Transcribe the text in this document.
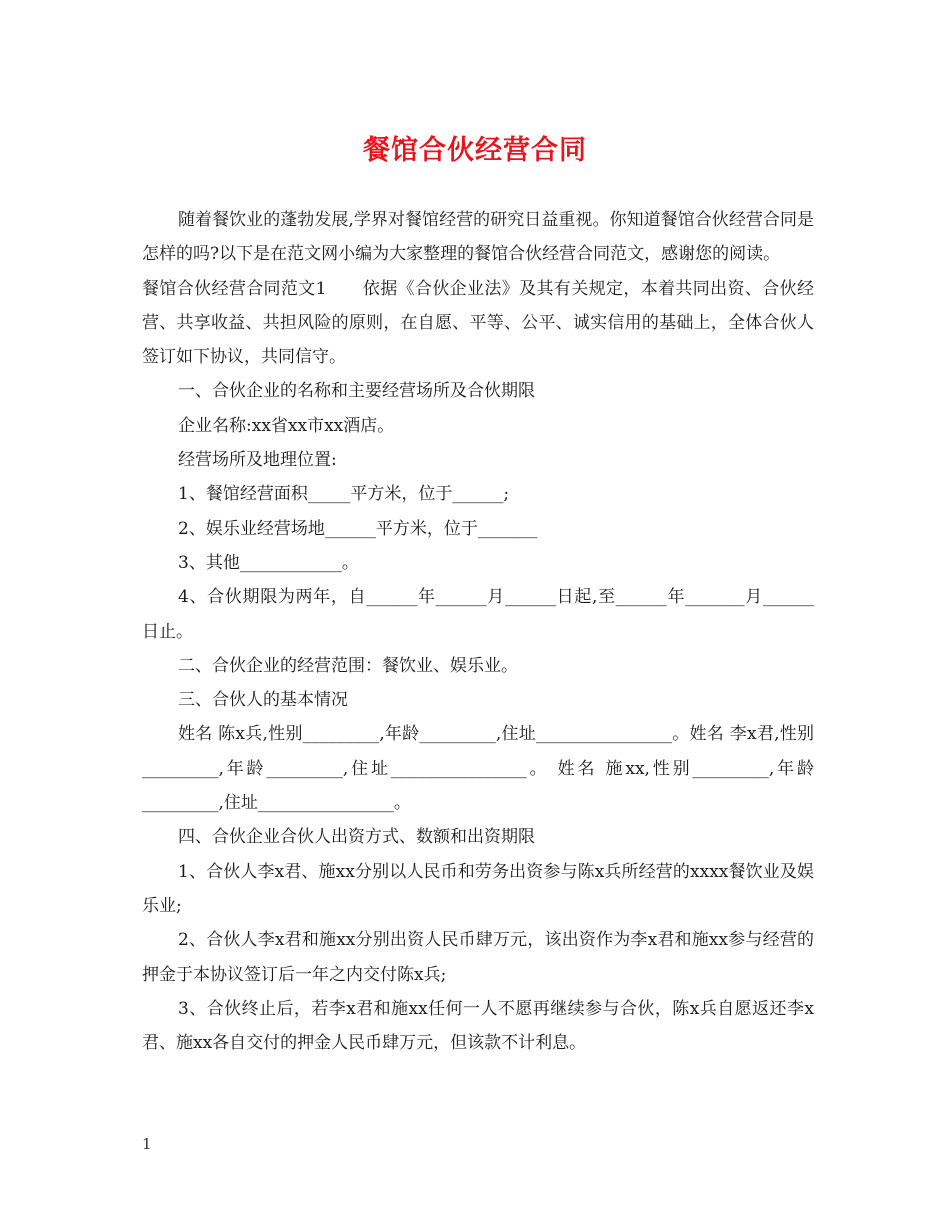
餐馆合伙经营合同

随着餐饮业的蓬勃发展,学界对餐馆经营的研究日益重视。你知道餐馆合伙经营合同是怎样的吗?以下是在范文网小编为大家整理的餐馆合伙经营合同范文，感谢您的阅读。

餐馆合伙经营合同范文1 依据《合伙企业法》及其有关规定，本着共同出资、合伙经营、共享收益、共担风险的原则，在自愿、平等、公平、诚实信用的基础上，全体合伙人签订如下协议，共同信守。

一、合伙企业的名称和主要经营场所及合伙期限

企业名称:xx省xx市xx酒店。

经营场所及地理位置:

1、餐馆经营面积_____平方米，位于______;

2、娱乐业经营场地______平方米，位于_______

3、其他____________。

4、合伙期限为两年，自______年______月______日起,至______年_______月______日止。

二、合伙企业的经营范围：餐饮业、娱乐业。

三、合伙人的基本情况

姓名 陈x兵,性别_________,年龄_________,住址________________。姓名 李x君,性别_________,年龄_________,住址________________。 姓名 施xx,性别_________,年龄_________,住址________________。

四、合伙企业合伙人出资方式、数额和出资期限

1、合伙人李x君、施xx分别以人民币和劳务出资参与陈x兵所经营的xxxx餐饮业及娱乐业;

2、合伙人李x君和施xx分别出资人民币肆万元，该出资作为李x君和施xx参与经营的押金于本协议签订后一年之内交付陈x兵;

3、合伙终止后，若李x君和施xx任何一人不愿再继续参与合伙，陈x兵自愿返还李x君、施xx各自交付的押金人民币肆万元，但该款不计利息。

1
